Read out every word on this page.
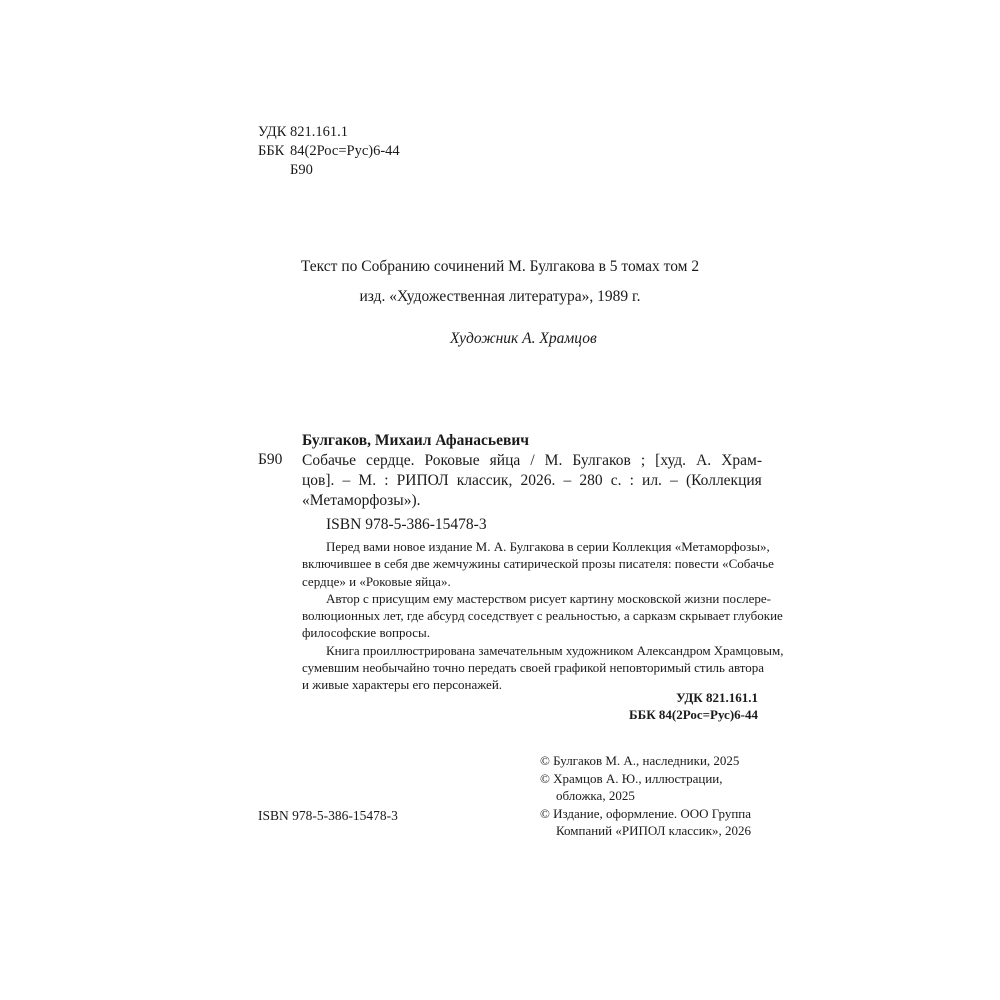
УДК 821.161.1
ББК 84(2Рос=Рус)6-44
Б90
Текст по Собранию сочинений М. Булгакова в 5 томах том 2
изд. «Художественная литература», 1989 г.
Художник А. Храмцов
Булгаков, Михаил Афанасьевич
Б90 Собачье сердце. Роковые яйца / М. Булгаков ; [худ. А. Храм-
цов]. – М. : РИПОЛ классик, 2026. – 280 с. : ил. – (Коллекция
«Метаморфозы»).
ISBN 978-5-386-15478-3

Перед вами новое издание М. А. Булгакова в серии Коллекция «Метаморфозы»,
включившее в себя две жемчужины сатирической прозы писателя: повести «Собачье
сердце» и «Роковые яйца».

Автор с присущим ему мастерством рисует картину московской жизни послере-
волюционных лет, где абсурд соседствует с реальностью, а сарказм скрывает глубокие
философские вопросы.

Книга проиллюстрирована замечательным художником Александром Храмцовым,
сумевшим необычайно точно передать своей графикой неповторимый стиль автора
и живые характеры его персонажей.

УДК 821.161.1
ББК 84(2Рос=Рус)6-44
© Булгаков М. А., наследники, 2025
© Храмцов А. Ю., иллюстрации,
обложка, 2025
© Издание, оформление. ООО Группа
Компаний «РИПОЛ классик», 2026
ISBN 978-5-386-15478-3
